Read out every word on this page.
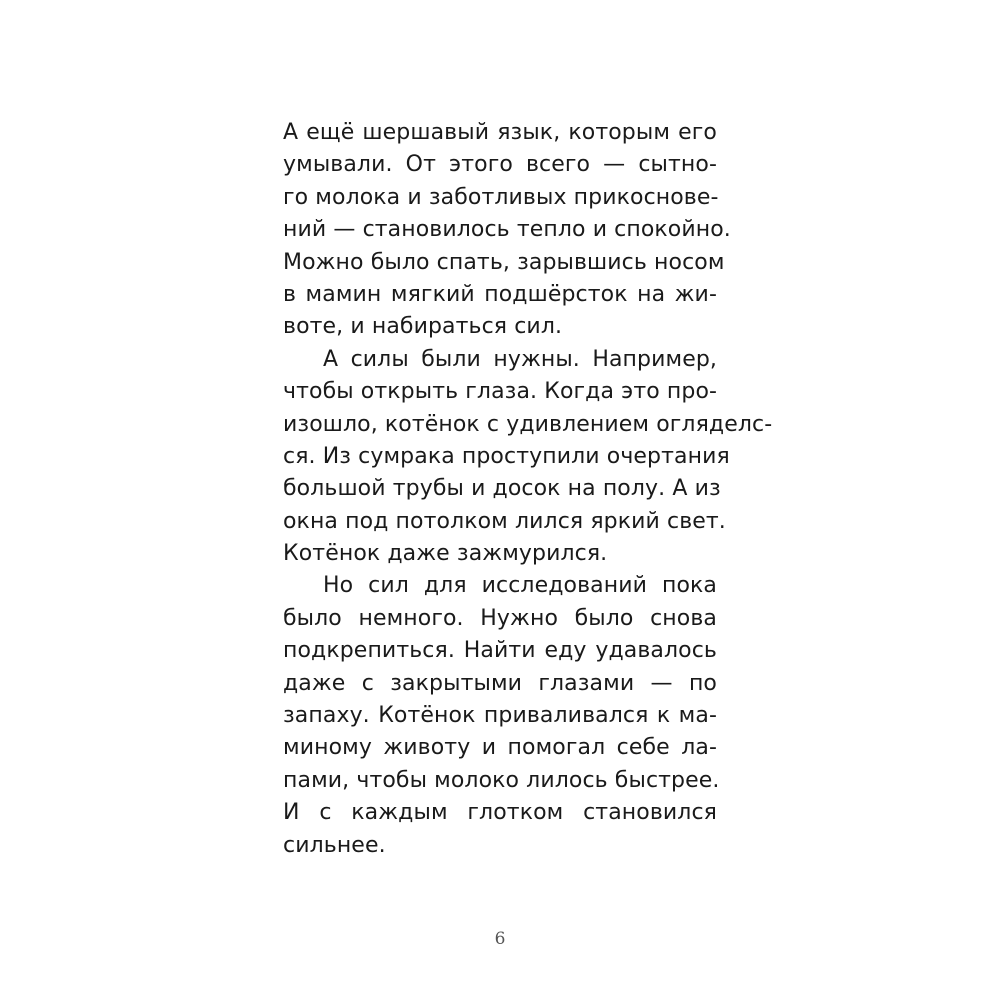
А ещё шершавый язык, которым его
умывали. От этого всего — сытно-
го молока и заботливых прикоснове-
ний — становилось тепло и спокойно.
Можно было спать, зарывшись носом
в мамин мягкий подшёрсток на жи-
воте, и набираться сил.
А силы были нужны. Например,
чтобы открыть глаза. Когда это про-
изошло, котёнок с удивлением огляделс-
ся. Из сумрака проступили очертания
большой трубы и досок на полу. А из
окна под потолком лился яркий свет.
Котёнок даже зажмурился.
Но сил для исследований пока
было немного. Нужно было снова
подкрепиться. Найти еду удавалось
даже с закрытыми глазами — по
запаху. Котёнок приваливался к ма-
миному животу и помогал себе ла-
пами, чтобы молоко лилось быстрее.
И с каждым глотком становился
сильнее.
6
